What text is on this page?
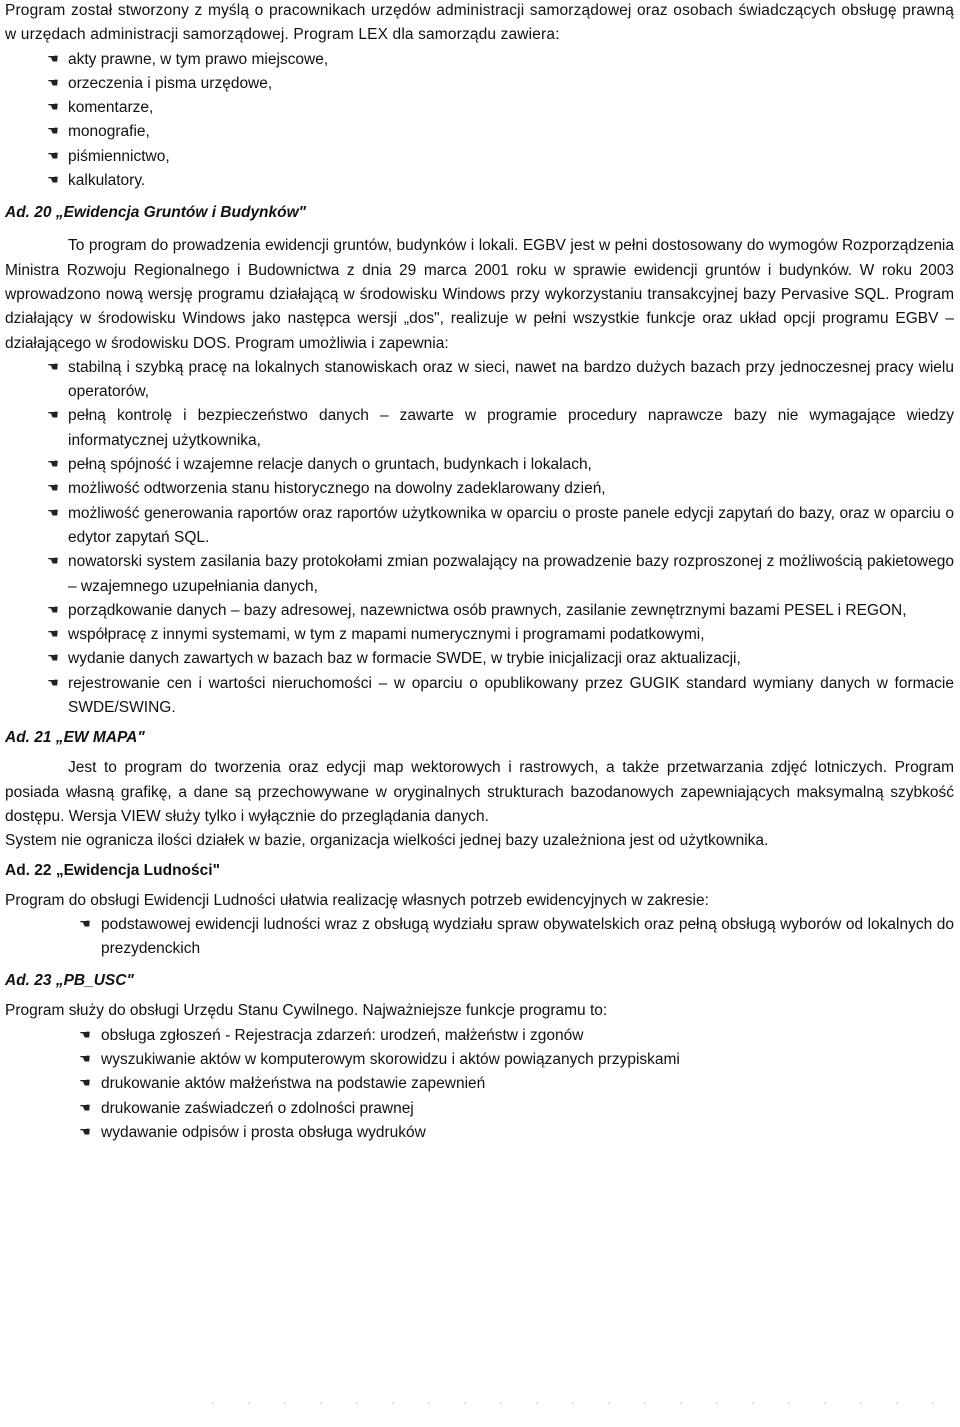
Program został stworzony z myślą o pracownikach urzędów administracji samorządowej oraz osobach świadczących obsługę prawną w urzędach administracji samorządowej. Program LEX dla samorządu zawiera:
☚ akty prawne, w tym prawo miejscowe,
☚ orzeczenia i pisma urzędowe,
☚ komentarze,
☚ monografie,
☚ piśmiennictwo,
☚ kalkulatory.
Ad. 20 „Ewidencja Gruntów i Budynków"
To program do prowadzenia ewidencji gruntów, budynków i lokali. EGBV jest w pełni dostosowany do wymogów Rozporządzenia Ministra Rozwoju Regionalnego i Budownictwa z dnia 29 marca 2001 roku w sprawie ewidencji gruntów i budynków. W roku 2003 wprowadzono nową wersję programu działającą w środowisku Windows przy wykorzystaniu transakcyjnej bazy Pervasive SQL. Program działający w środowisku Windows jako następca wersji „dos", realizuje w pełni wszystkie funkcje oraz układ opcji programu EGBV – działającego w środowisku DOS. Program umożliwia i zapewnia:
☚ stabilną i szybką pracę na lokalnych stanowiskach oraz w sieci, nawet na bardzo dużych bazach przy jednoczesnej pracy wielu operatorów,
☚ pełną kontrolę i bezpieczeństwo danych – zawarte w programie procedury naprawcze bazy nie wymagające wiedzy informatycznej użytkownika,
☚ pełną spójność i wzajemne relacje danych o gruntach, budynkach i lokalach,
☚ możliwość odtworzenia stanu historycznego na dowolny zadeklarowany dzień,
☚ możliwość generowania raportów oraz raportów użytkownika w oparciu o proste panele edycji zapytań do bazy, oraz w oparciu o edytor zapytań SQL.
☚ nowatorski system zasilania bazy protokołami zmian pozwalający na prowadzenie bazy rozproszonej z możliwością pakietowego – wzajemnego uzupełniania danych,
☚ porządkowanie danych – bazy adresowej, nazewnictwa osób prawnych, zasilanie zewnętrznymi bazami PESEL i REGON,
☚ współpracę z innymi systemami, w tym z mapami numerycznymi i programami podatkowymi,
☚ wydanie danych zawartych w bazach baz w formacie SWDE, w trybie inicjalizacji oraz aktualizacji,
☚ rejestrowanie cen i wartości nieruchomości – w oparciu o opublikowany przez GUGIK standard wymiany danych w formacie SWDE/SWING.
Ad. 21 „EW MAPA"
Jest to program do tworzenia oraz edycji map wektorowych i rastrowych, a także przetwarzania zdjęć lotniczych. Program posiada własną grafikę, a dane są przechowywane w oryginalnych strukturach bazodanowych zapewniających maksymalną szybkość dostępu. Wersja VIEW służy tylko i wyłącznie do przeglądania danych.
System nie ogranicza ilości działek w bazie, organizacja wielkości jednej bazy uzależniona jest od użytkownika.
Ad. 22 „Ewidencja Ludności"
Program do obsługi Ewidencji Ludności ułatwia realizację własnych potrzeb ewidencyjnych w zakresie:
☚ podstawowej ewidencji ludności wraz z obsługą wydziału spraw obywatelskich oraz pełną obsługą wyborów od lokalnych do prezydenckich
Ad. 23 „PB_USC"
Program służy do obsługi Urzędu Stanu Cywilnego. Najważniejsze funkcje programu to:
☚ obsługa zgłoszeń - Rejestracja zdarzeń: urodzeń, małżeństw i zgonów
☚ wyszukiwanie aktów w komputerowym skorowidzu i aktów powiązanych przypiskami
☚ drukowanie aktów małżeństwa na podstawie zapewnień
☚ drukowanie zaświadczeń o zdolności prawnej
☚ wydawanie odpisów i prosta obsługa wydruków
